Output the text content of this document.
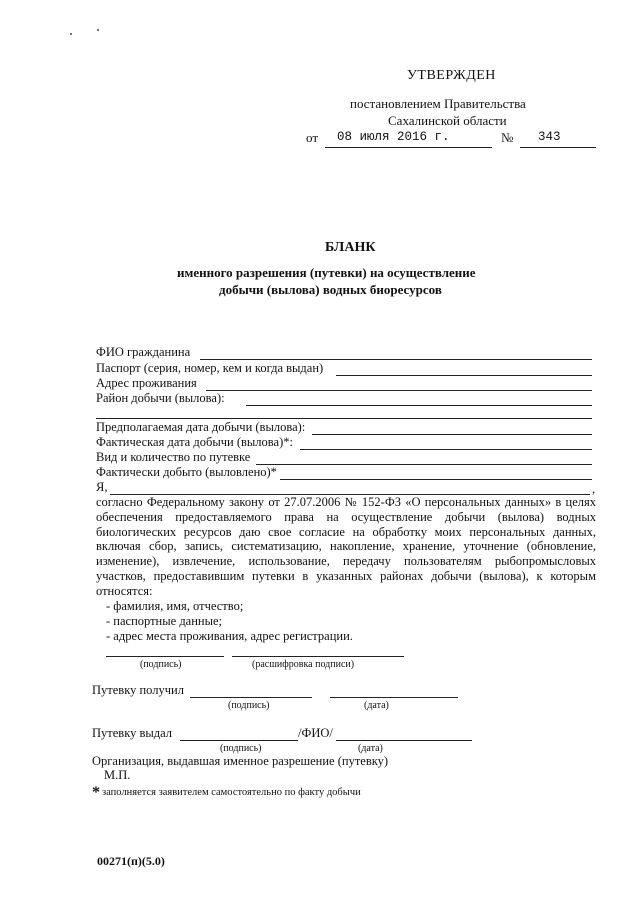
УТВЕРЖДЕН
постановлением Правительства
Сахалинской области
от 08 июля 2016 г.	№ 343
БЛАНК
именного разрешения (путевки) на осуществление
добычи (вылова) водных биоресурсов
ФИО гражданина
Паспорт (серия, номер, кем и когда выдан)
Адрес проживания
Район добычи (вылова):
Предполагаемая дата добычи (вылова):
Фактическая дата добычи (вылова)*:
Вид и количество по путевке
Фактически добыто (выловлено)*
Я,	,
согласно Федеральному закону от 27.07.2006 № 152-ФЗ «О персональных данных» в целях обеспечения предоставляемого права на осуществление добычи (вылова) водных биологических ресурсов даю свое согласие на обработку моих персональных данных, включая сбор, запись, систематизацию, накопление, хранение, уточнение (обновление, изменение), извлечение, использование, передачу пользователям рыбопромысловых участков, предоставившим путевки в указанных районах добычи (вылова), к которым относятся:
- фамилия, имя, отчество;
- паспортные данные;
- адрес места проживания, адрес регистрации.
(подпись)	(расшифровка подписи)
Путевку получил
(подпись)	(дата)
Путевку выдал	/ФИО/
(подпись)	(дата)
Организация, выдавшая именное разрешение (путевку)
М.П.
* заполняется заявителем самостоятельно по факту добычи
00271(п)(5.0)
